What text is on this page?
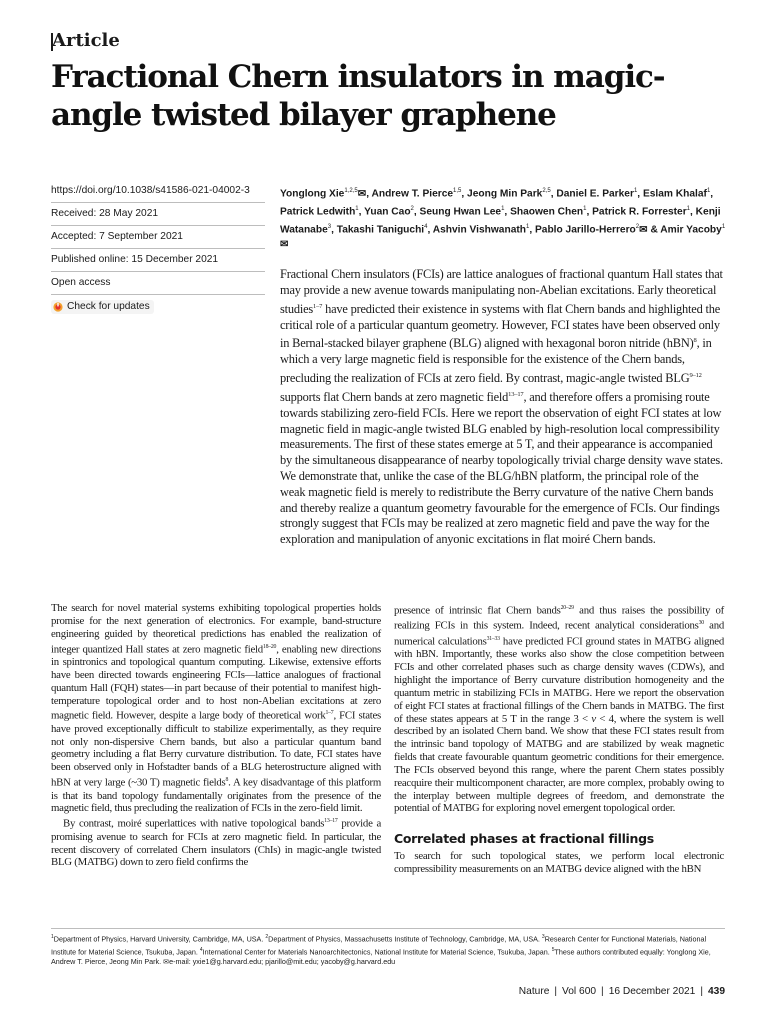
Article
Fractional Chern insulators in magic-angle twisted bilayer graphene
https://doi.org/10.1038/s41586-021-04002-3
Received: 28 May 2021
Accepted: 7 September 2021
Published online: 15 December 2021
Open access
Check for updates
Yonglong Xie$^{1,2,5}$✉, Andrew T. Pierce$^{1,5}$, Jeong Min Park$^{2,5}$, Daniel E. Parker$^1$, Eslam Khalaf$^1$, Patrick Ledwith$^1$, Yuan Cao$^2$, Seung Hwan Lee$^1$, Shaowen Chen$^1$, Patrick R. Forrester$^1$, Kenji Watanabe$^3$, Takashi Taniguchi$^4$, Ashvin Vishwanath$^1$, Pablo Jarillo-Herrero$^2$✉ & Amir Yacoby$^1$✉

Fractional Chern insulators (FCIs) are lattice analogues of fractional quantum Hall states that may provide a new avenue towards manipulating non-Abelian excitations. Early theoretical studies$^{1-7}$ have predicted their existence in systems with flat Chern bands and highlighted the critical role of a particular quantum geometry. However, FCI states have been observed only in Bernal-stacked bilayer graphene (BLG) aligned with hexagonal boron nitride (hBN)$^8$, in which a very large magnetic field is responsible for the existence of the Chern bands, precluding the realization of FCIs at zero field. By contrast, magic-angle twisted BLG$^{9-12}$ supports flat Chern bands at zero magnetic field$^{13-17}$, and therefore offers a promising route towards stabilizing zero-field FCIs. Here we report the observation of eight FCI states at low magnetic field in magic-angle twisted BLG enabled by high-resolution local compressibility measurements. The first of these states emerge at 5 T, and their appearance is accompanied by the simultaneous disappearance of nearby topologically trivial charge density wave states. We demonstrate that, unlike the case of the BLG/hBN platform, the principal role of the weak magnetic field is merely to redistribute the Berry curvature of the native Chern bands and thereby realize a quantum geometry favourable for the emergence of FCIs. Our findings strongly suggest that FCIs may be realized at zero magnetic field and pave the way for the exploration and manipulation of anyonic excitations in flat moiré Chern bands.

The search for novel material systems exhibiting topological properties holds promise for the next generation of electronics. For example, band-structure engineering guided by theoretical predictions has enabled the realization of integer quantized Hall states at zero magnetic field$^{18-20}$, enabling new directions in spintronics and topological quantum computing. Likewise, extensive efforts have been directed towards engineering FCIs—lattice analogues of fractional quantum Hall (FQH) states—in part because of their potential to manifest high-temperature topological order and to host non-Abelian excitations at zero magnetic field. However, despite a large body of theoretical work$^{1-7}$, FCI states have proved exceptionally difficult to stabilize experimentally, as they require not only non-dispersive Chern bands, but also a particular quantum band geometry including a flat Berry curvature distribution. To date, FCI states have been observed only in Hofstadter bands of a BLG heterostructure aligned with hBN at very large (~30 T) magnetic fields$^8$. A key disadvantage of this platform is that its band topology fundamentally originates from the presence of the magnetic field, thus precluding the realization of FCIs in the zero-field limit.

By contrast, moiré superlattices with native topological bands$^{13-17}$ provide a promising avenue to search for FCIs at zero magnetic field. In particular, the recent discovery of correlated Chern insulators (ChIs) in magic-angle twisted BLG (MATBG) down to zero field confirms the

presence of intrinsic flat Chern bands$^{20-29}$ and thus raises the possibility of realizing FCIs in this system. Indeed, recent analytical considerations$^{30}$ and numerical calculations$^{31-33}$ have predicted FCI ground states in MATBG aligned with hBN. Importantly, these works also show the close competition between FCIs and other correlated phases such as charge density waves (CDWs), and highlight the importance of Berry curvature distribution homogeneity and the quantum metric in stabilizing FCIs in MATBG. Here we report the observation of eight FCI states at fractional fillings of the Chern bands in MATBG. The first of these states appears at 5 T in the range 3 < v < 4, where the system is well described by an isolated Chern band. We show that these FCI states result from the intrinsic band topology of MATBG and are stabilized by weak magnetic fields that create favourable quantum geometric conditions for their emergence. The FCIs observed beyond this range, where the parent Chern states possibly reacquire their multicomponent character, are more complex, probably owing to the interplay between multiple degrees of freedom, and demonstrate the potential of MATBG for exploring novel emergent topological order.

Correlated phases at fractional fillings

To search for such topological states, we perform local electronic compressibility measurements on an MATBG device aligned with the hBN

$^1$Department of Physics, Harvard University, Cambridge, MA, USA. $^2$Department of Physics, Massachusetts Institute of Technology, Cambridge, MA, USA. $^3$Research Center for Functional Materials, National Institute for Material Science, Tsukuba, Japan. $^4$International Center for Materials Nanoarchitectonics, National Institute for Material Science, Tsukuba, Japan. $^5$These authors contributed equally: Yonglong Xie, Andrew T. Pierce, Jeong Min Park. ✉e-mail: yxie1@g.harvard.edu; pjarillo@mit.edu; yacoby@g.harvard.edu

Nature | Vol 600 | 16 December 2021 | 439
